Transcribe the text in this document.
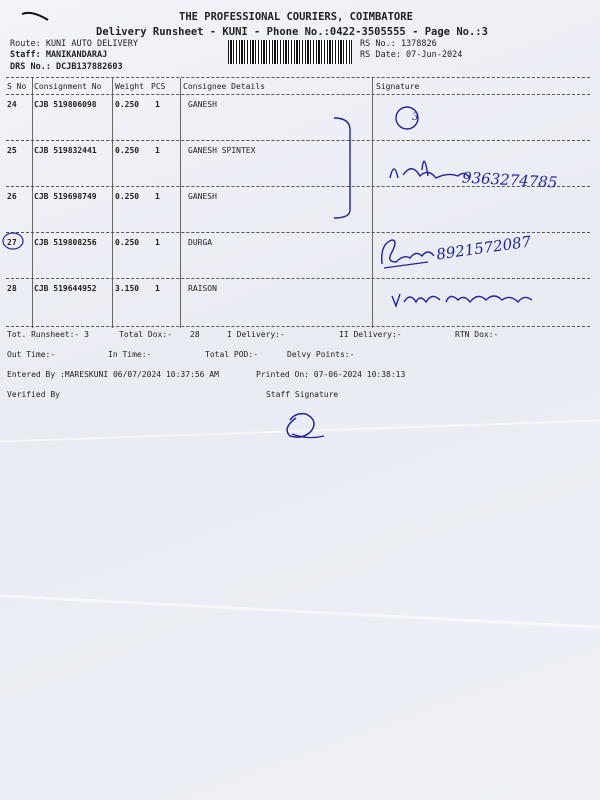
THE PROFESSIONAL COURIERS, COIMBATORE
Delivery Runsheet - KUNI - Phone No.:0422-3505555 - Page No.:3
Route: KUNI AUTO DELIVERY
Staff: MANIKANDARAJ
DRS No.: DCJB137882603
RS No.: 1378826
RS Date: 07-Jun-2024
S No Consignment No Weight PCS Consignee Details	Signature
24 CJB 519806098 0.250 1	GANESH
25 CJB 519832441 0.250 1	GANESH SPINTEX
26 CJB 519698749 0.250 1	GANESH
27 CJB 519808256 0.250 1	DURGA
28 CJB 519644952 3.150 1	RAISON
3
9363274785
8921572087
Tot. Runsheet:- 3	Total Dox:- 28	I Delivery:-	II Delivery:-	RTN Dox:-
Out Time:-	In Time:-	Total POD:-	Delvy Points:-
Entered By :MARESKUNI 06/07/2024 10:37:56 AM	Printed On: 07-06-2024 10:38:13
Verified By	Staff Signature
